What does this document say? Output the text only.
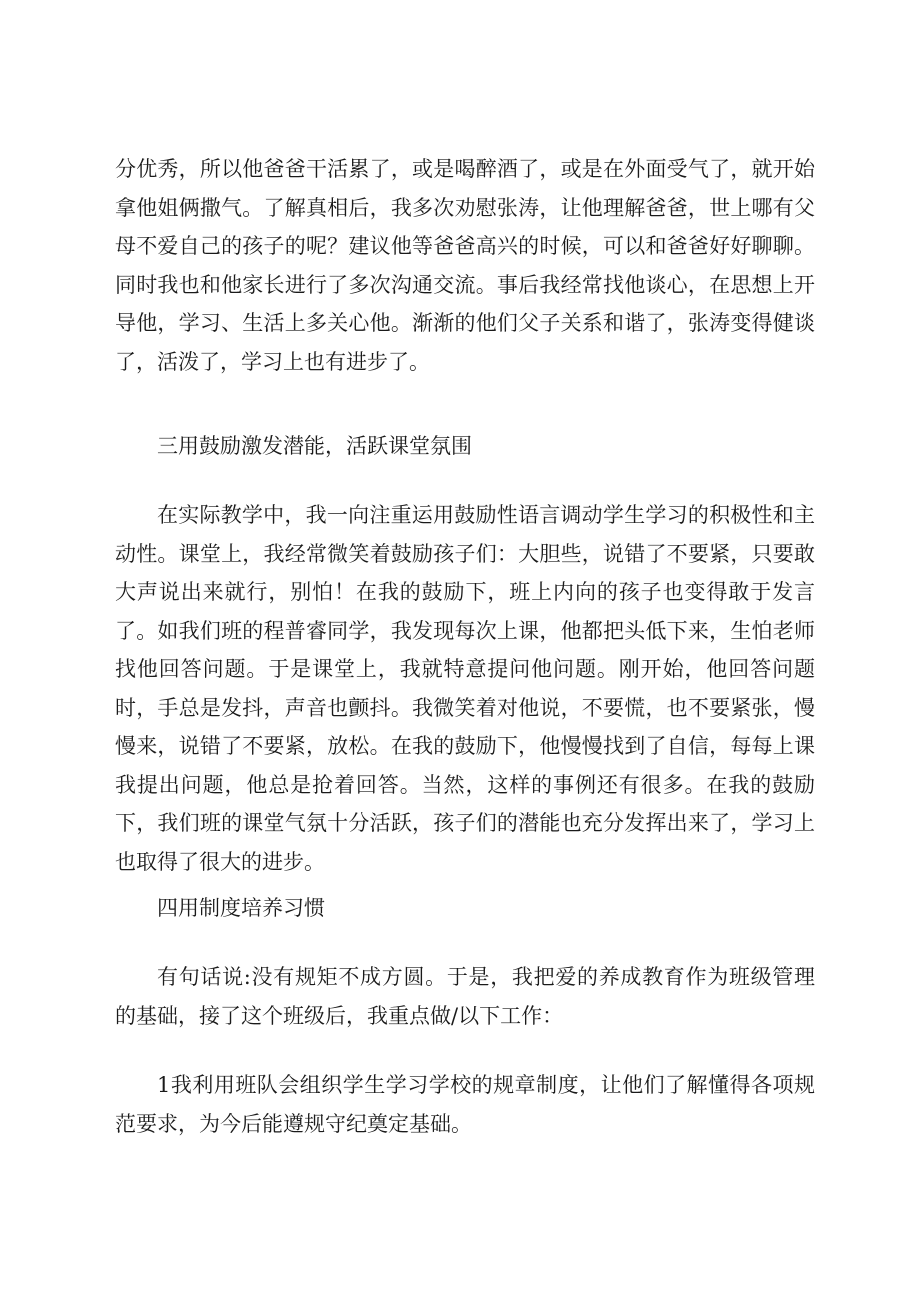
分优秀，所以他爸爸干活累了，或是喝醉酒了，或是在外面受气了，就开始拿他姐俩撒气。了解真相后，我多次劝慰张涛，让他理解爸爸，世上哪有父母不爱自己的孩子的呢？建议他等爸爸高兴的时候，可以和爸爸好好聊聊。同时我也和他家长进行了多次沟通交流。事后我经常找他谈心，在思想上开导他，学习、生活上多关心他。渐渐的他们父子关系和谐了，张涛变得健谈了，活泼了，学习上也有进步了。

三用鼓励激发潜能，活跃课堂氛围

在实际教学中，我一向注重运用鼓励性语言调动学生学习的积极性和主动性。课堂上，我经常微笑着鼓励孩子们：大胆些，说错了不要紧，只要敢大声说出来就行，别怕！在我的鼓励下，班上内向的孩子也变得敢于发言了。如我们班的程普睿同学，我发现每次上课，他都把头低下来，生怕老师找他回答问题。于是课堂上，我就特意提问他问题。刚开始，他回答问题时，手总是发抖，声音也颤抖。我微笑着对他说，不要慌，也不要紧张，慢慢来，说错了不要紧，放松。在我的鼓励下，他慢慢找到了自信，每每上课我提出问题，他总是抢着回答。当然，这样的事例还有很多。在我的鼓励下，我们班的课堂气氛十分活跃，孩子们的潜能也充分发挥出来了，学习上也取得了很大的进步。

四用制度培养习惯

有句话说:没有规矩不成方圆。于是，我把爱的养成教育作为班级管理的基础，接了这个班级后，我重点做/以下工作：

1我利用班队会组织学生学习学校的规章制度，让他们了解懂得各项规范要求，为今后能遵规守纪奠定基础。
